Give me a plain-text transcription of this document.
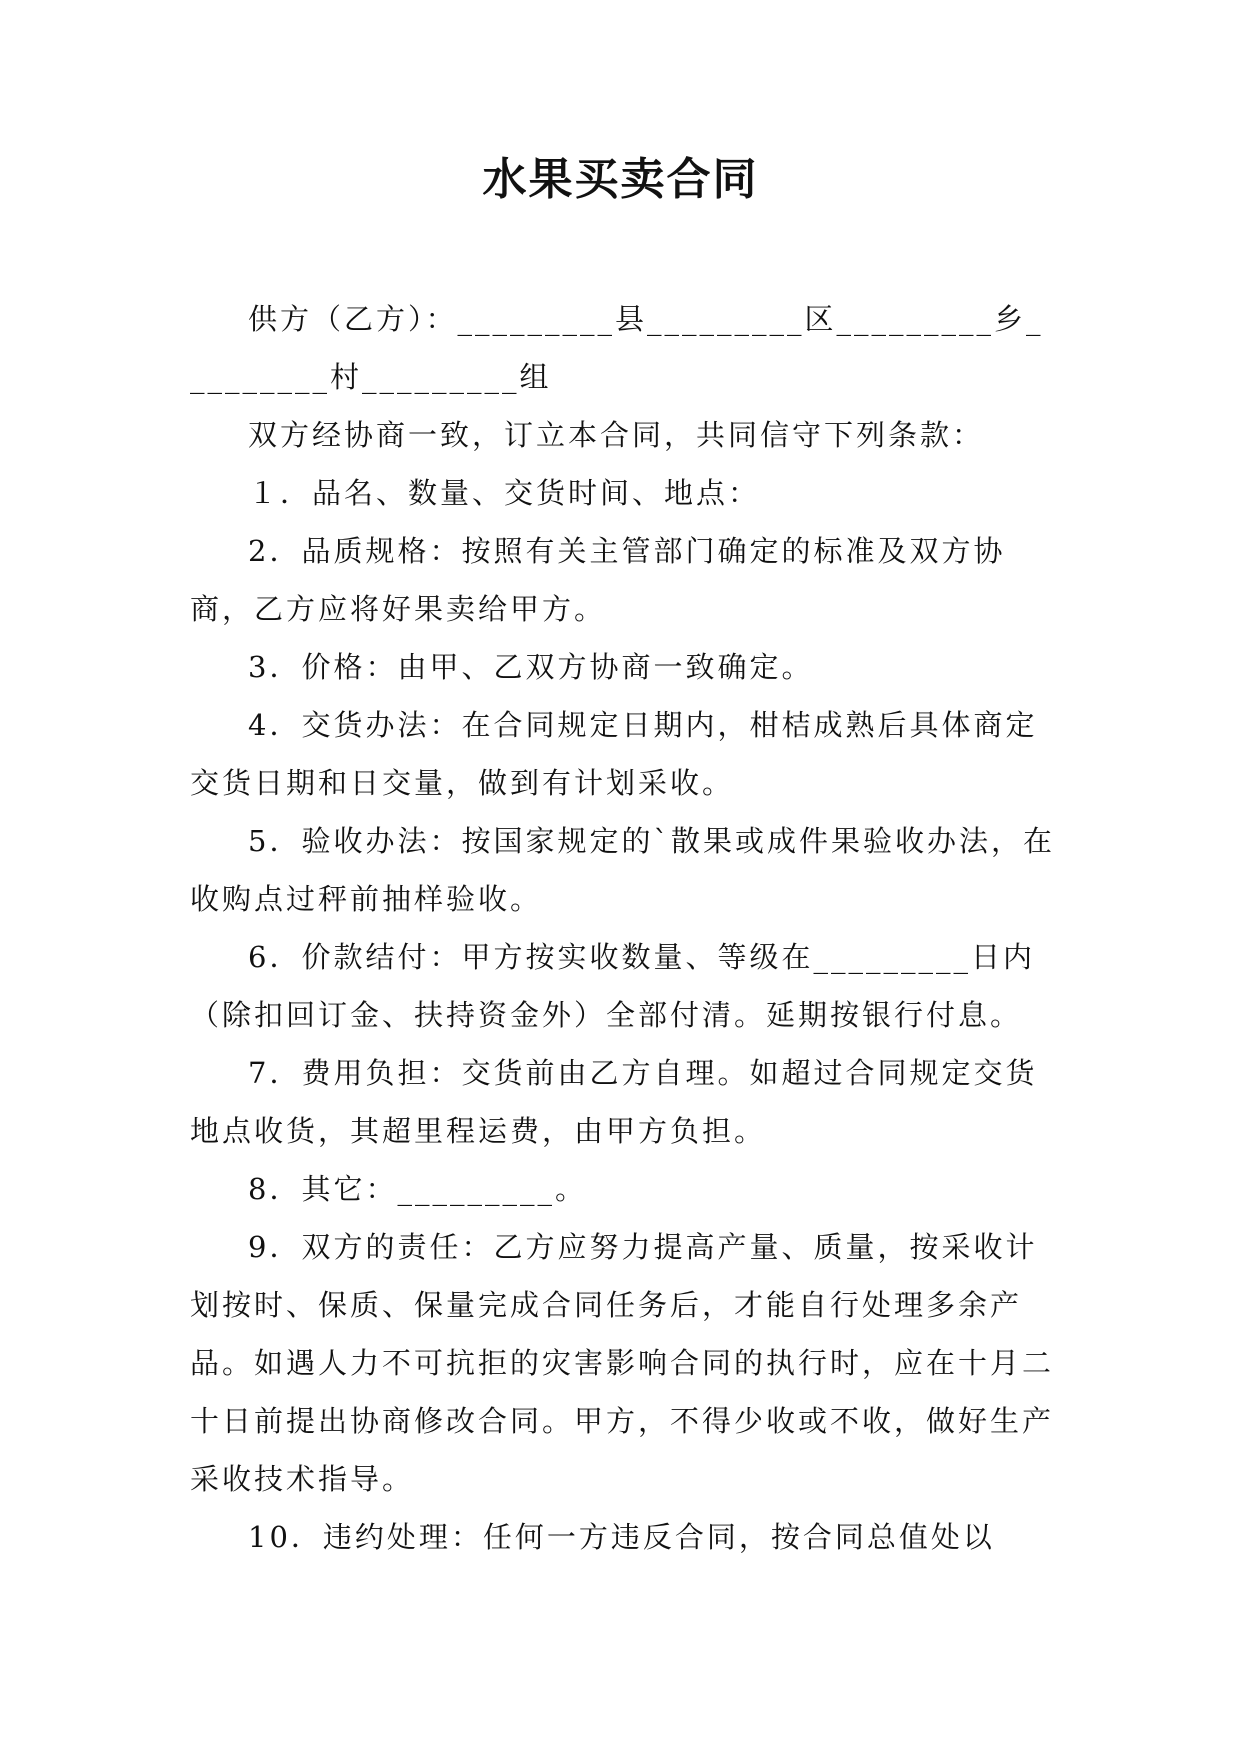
水果买卖合同

供方（乙方）：_________县_________区_________乡_________村_________组

双方经协商一致，订立本合同，共同信守下列条款：

１．品名、数量、交货时间、地点：

2．品质规格：按照有关主管部门确定的标准及双方协商，乙方应将好果卖给甲方。

3．价格：由甲、乙双方协商一致确定。

4．交货办法：在合同规定日期内，柑桔成熟后具体商定交货日期和日交量，做到有计划采收。

5．验收办法：按国家规定的`散果或成件果验收办法，在收购点过秤前抽样验收。

6．价款结付：甲方按实收数量、等级在_________日内（除扣回订金、扶持资金外）全部付清。延期按银行付息。

7．费用负担：交货前由乙方自理。如超过合同规定交货地点收货，其超里程运费，由甲方负担。

8．其它：_________。

9．双方的责任：乙方应努力提高产量、质量，按采收计划按时、保质、保量完成合同任务后，才能自行处理多余产品。如遇人力不可抗拒的灾害影响合同的执行时，应在十月二十日前提出协商修改合同。甲方，不得少收或不收，做好生产采收技术指导。

10．违约处理：任何一方违反合同，按合同总值处以
